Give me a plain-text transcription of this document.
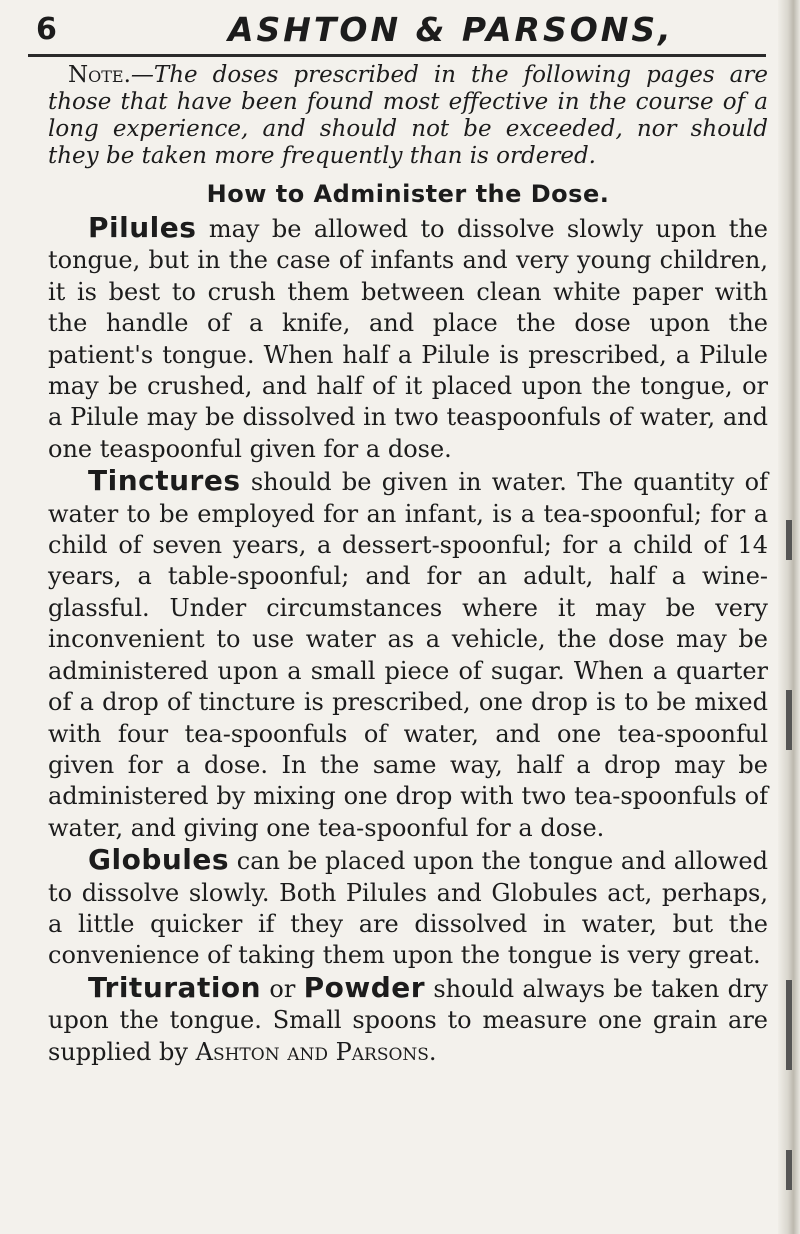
6	ASHTON & PARSONS,

Note.—The doses prescribed in the following pages are those that have been found most effective in the course of a long experience, and should not be exceeded, nor should they be taken more frequently than is ordered.

How to Administer the Dose.

Pilules may be allowed to dissolve slowly upon the tongue, but in the case of infants and very young children, it is best to crush them between clean white paper with the handle of a knife, and place the dose upon the patient's tongue. When half a Pilule is prescribed, a Pilule may be crushed, and half of it placed upon the tongue, or a Pilule may be dissolved in two teaspoonfuls of water, and one teaspoonful given for a dose.

Tinctures should be given in water. The quantity of water to be employed for an infant, is a tea-spoonful; for a child of seven years, a dessert-spoonful; for a child of 14 years, a table-spoonful; and for an adult, half a wine-glassful. Under circumstances where it may be very inconvenient to use water as a vehicle, the dose may be administered upon a small piece of sugar. When a quarter of a drop of tincture is prescribed, one drop is to be mixed with four tea-spoonfuls of water, and one tea-spoonful given for a dose. In the same way, half a drop may be administered by mixing one drop with two tea-spoonfuls of water, and giving one tea-spoonful for a dose.

Globules can be placed upon the tongue and allowed to dissolve slowly. Both Pilules and Globules act, perhaps, a little quicker if they are dissolved in water, but the convenience of taking them upon the tongue is very great.

Trituration or Powder should always be taken dry upon the tongue. Small spoons to measure one grain are supplied by Ashton and Parsons.
